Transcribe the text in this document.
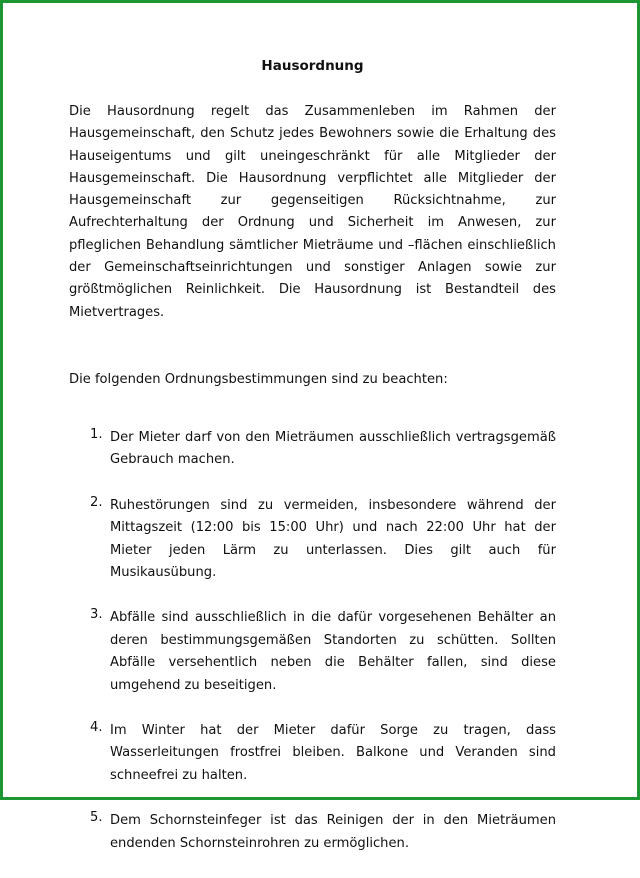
Hausordnung

Die Hausordnung regelt das Zusammenleben im Rahmen der Hausgemeinschaft, den Schutz jedes Bewohners sowie die Erhaltung des Hauseigentums und gilt uneingeschränkt für alle Mitglieder der Hausgemeinschaft. Die Hausordnung verpflichtet alle Mitglieder der Hausgemeinschaft zur gegenseitigen Rücksichtnahme, zur Aufrechterhaltung der Ordnung und Sicherheit im Anwesen, zur pfleglichen Behandlung sämtlicher Mieträume und –flächen einschließlich der Gemeinschaftseinrichtungen und sonstiger Anlagen sowie zur größtmöglichen Reinlichkeit. Die Hausordnung ist Bestandteil des Mietvertrages.

Die folgenden Ordnungsbestimmungen sind zu beachten:

1. Der Mieter darf von den Mieträumen ausschließlich vertragsgemäß Gebrauch machen.
2. Ruhestörungen sind zu vermeiden, insbesondere während der Mittagszeit (12:00 bis 15:00 Uhr) und nach 22:00 Uhr hat der Mieter jeden Lärm zu unterlassen. Dies gilt auch für Musikausübung.
3. Abfälle sind ausschließlich in die dafür vorgesehenen Behälter an deren bestimmungsgemäßen Standorten zu schütten. Sollten Abfälle versehentlich neben die Behälter fallen, sind diese umgehend zu beseitigen.
4. Im Winter hat der Mieter dafür Sorge zu tragen, dass Wasserleitungen frostfrei bleiben. Balkone und Veranden sind schneefrei zu halten.
5. Dem Schornsteinfeger ist das Reinigen der in den Mieträumen endenden Schornsteinrohren zu ermöglichen.
